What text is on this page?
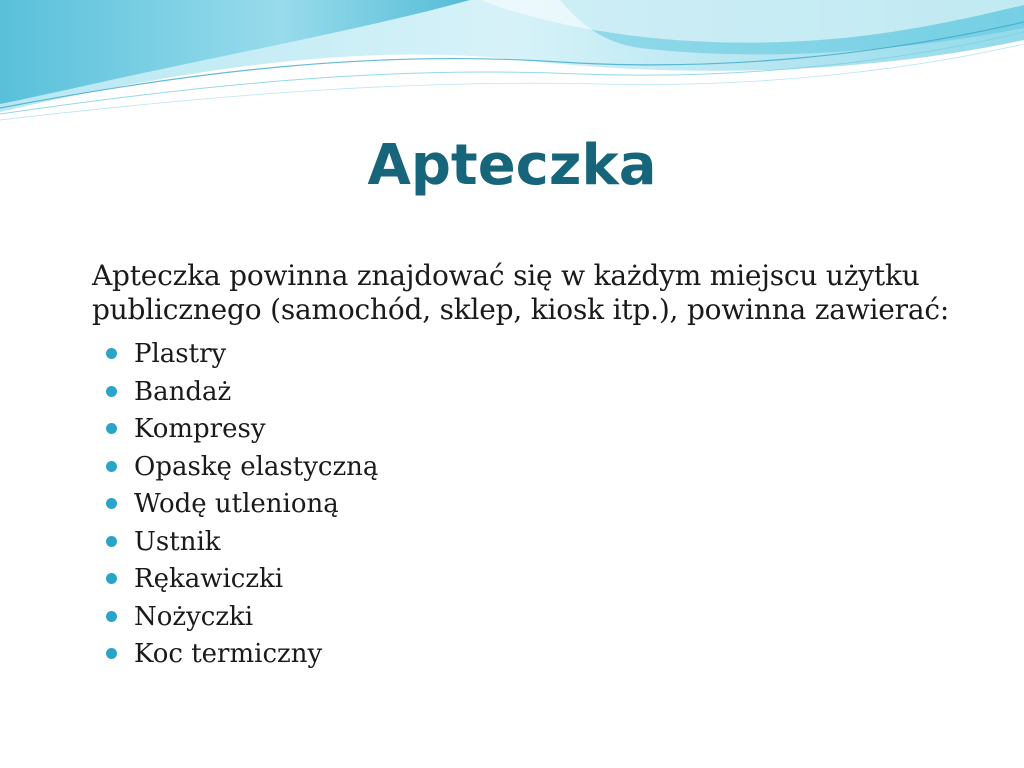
Apteczka

Apteczka powinna znajdować się w każdym miejscu użytku publicznego (samochód, sklep, kiosk itp.), powinna zawierać:

Plastry
Bandaż
Kompresy
Opaskę elastyczną
Wodę utlenioną
Ustnik
Rękawiczki
Nożyczki
Koc termiczny
